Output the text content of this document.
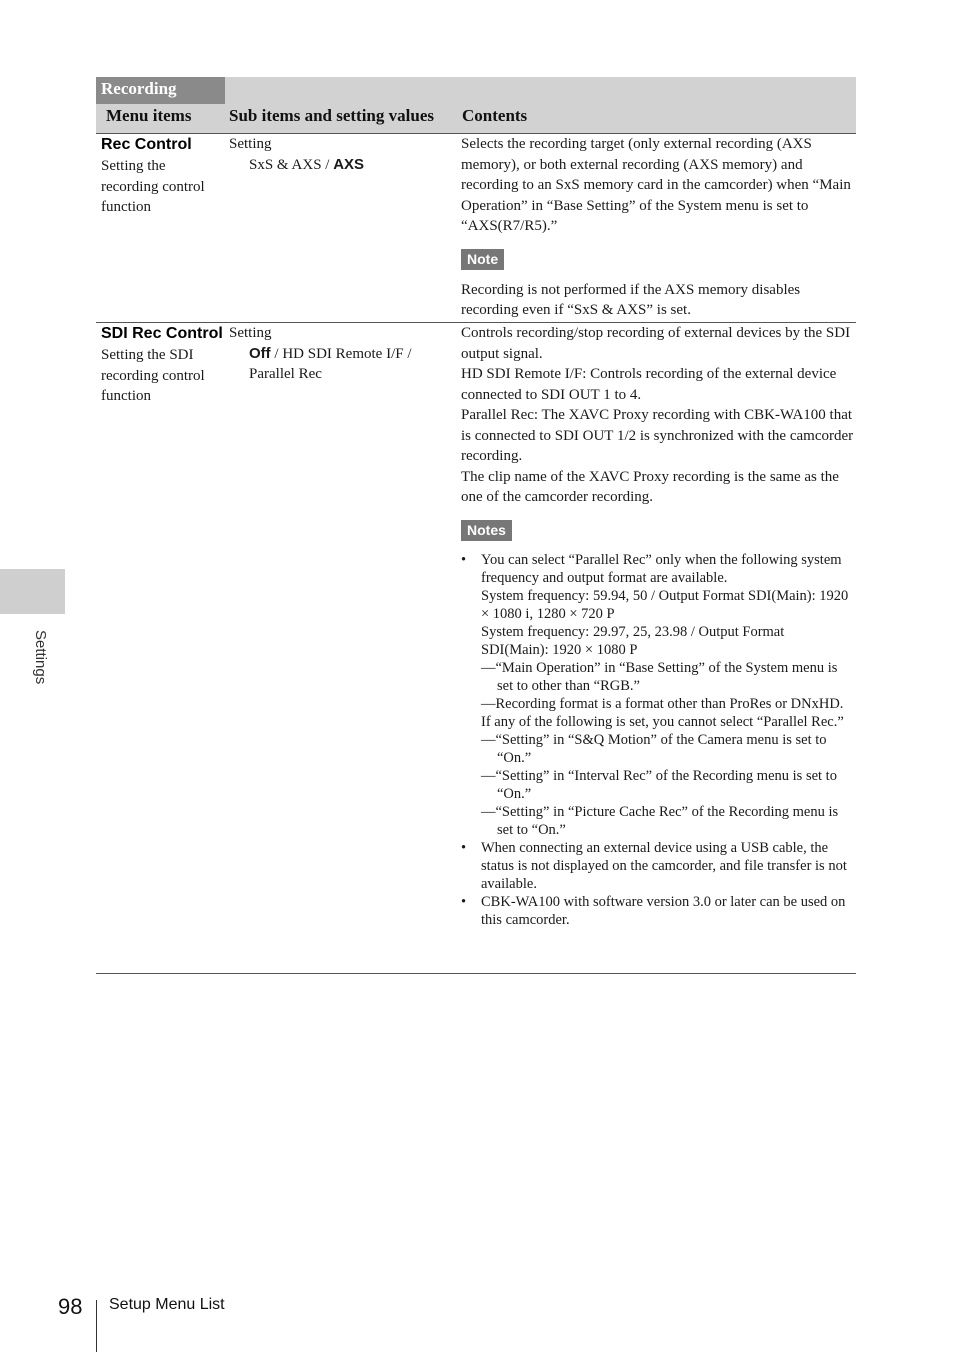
Settings
Recording
Menu items Sub items and setting values Contents
Rec Control
Setting the recording control function
Setting
SxS & AXS / AXS

Selects the recording target (only external recording (AXS memory), or both external recording (AXS memory) and recording to an SxS memory card in the camcorder) when “Main Operation” in “Base Setting” of the System menu is set to “AXS(R7/R5).”

Note

Recording is not performed if the AXS memory disables recording even if “SxS & AXS” is set.

SDI Rec Control
Setting the SDI recording control function
Setting
Off / HD SDI Remote I/F / Parallel Rec

Controls recording/stop recording of external devices by the SDI output signal.

HD SDI Remote I/F: Controls recording of the external device connected to SDI OUT 1 to 4.

Parallel Rec: The XAVC Proxy recording with CBK-WA100 that is connected to SDI OUT 1/2 is synchronized with the camcorder recording.

The clip name of the XAVC Proxy recording is the same as the one of the camcorder recording.

Notes
• You can select “Parallel Rec” only when the following system frequency and output format are available.
System frequency: 59.94, 50 / Output Format SDI(Main): 1920 × 1080 i, 1280 × 720 P
System frequency: 29.97, 25, 23.98 / Output Format SDI(Main): 1920 × 1080 P
—“Main Operation” in “Base Setting” of the System menu is set to other than “RGB.”
—Recording format is a format other than ProRes or DNxHD.
If any of the following is set, you cannot select “Parallel Rec.”
—“Setting” in “S&Q Motion” of the Camera menu is set to “On.”
—“Setting” in “Interval Rec” of the Recording menu is set to “On.”
—“Setting” in “Picture Cache Rec” of the Recording menu is set to “On.”
• When connecting an external device using a USB cable, the status is not displayed on the camcorder, and file transfer is not available.
• CBK-WA100 with software version 3.0 or later can be used on this camcorder.
98 Setup Menu List
